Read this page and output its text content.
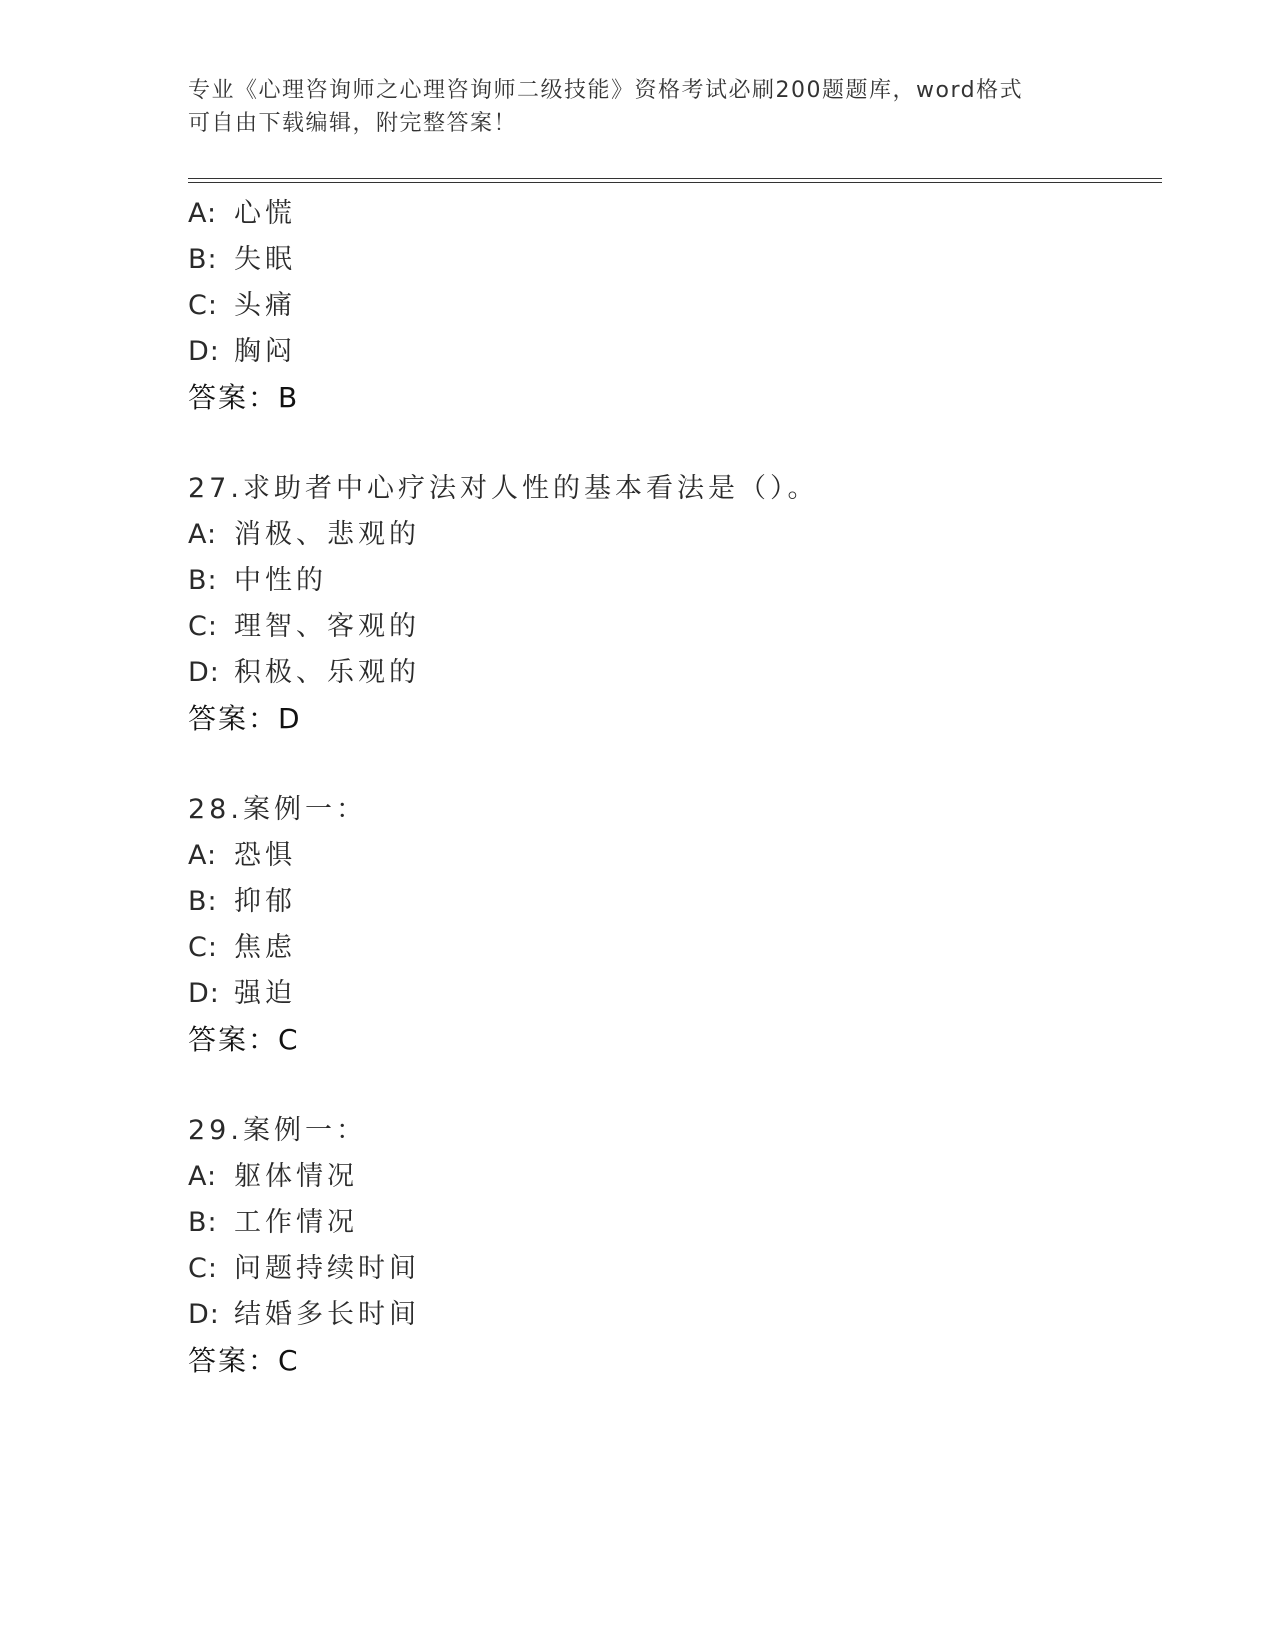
专业《心理咨询师之心理咨询师二级技能》资格考试必刷200题题库，word格式
可自由下载编辑，附完整答案！
A: 心慌
B: 失眠
C: 头痛
D: 胸闷
答案：B
27.求助者中心疗法对人性的基本看法是（）。
A: 消极、悲观的
B: 中性的
C: 理智、客观的
D: 积极、乐观的
答案：D
28.案例一：
A: 恐惧
B: 抑郁
C: 焦虑
D: 强迫
答案：C
29.案例一：
A: 躯体情况
B: 工作情况
C: 问题持续时间
D: 结婚多长时间
答案：C
